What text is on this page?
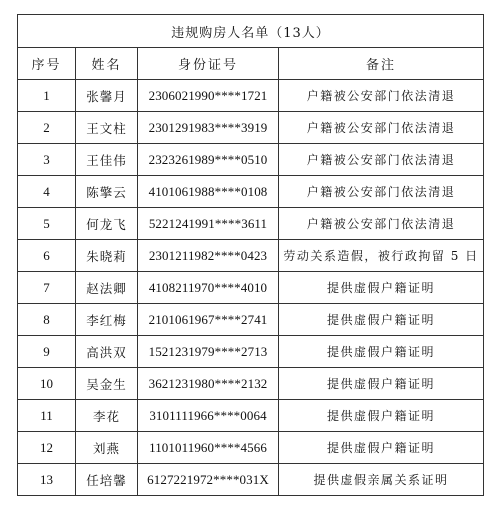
违规购房人名单（13人）			
序号	姓名	身份证号	备注
1	张馨月	2306021990****1721	户籍被公安部门依法清退
2	王文柱	2301291983****3919	户籍被公安部门依法清退
3	王佳伟	2323261989****0510	户籍被公安部门依法清退
4	陈擎云	4101061988****0108	户籍被公安部门依法清退
5	何龙飞	5221241991****3611	户籍被公安部门依法清退
6	朱晓莉	2301211982****0423	劳动关系造假，被行政拘留 5 日
7	赵法卿	4108211970****4010	提供虚假户籍证明
8	李红梅	2101061967****2741	提供虚假户籍证明
9	高洪双	1521231979****2713	提供虚假户籍证明
10	吴金生	3621231980****2132	提供虚假户籍证明
11	李花	3101111966****0064	提供虚假户籍证明
12	刘燕	1101011960****4566	提供虚假户籍证明
13	任培馨	6127221972****031X	提供虚假亲属关系证明
